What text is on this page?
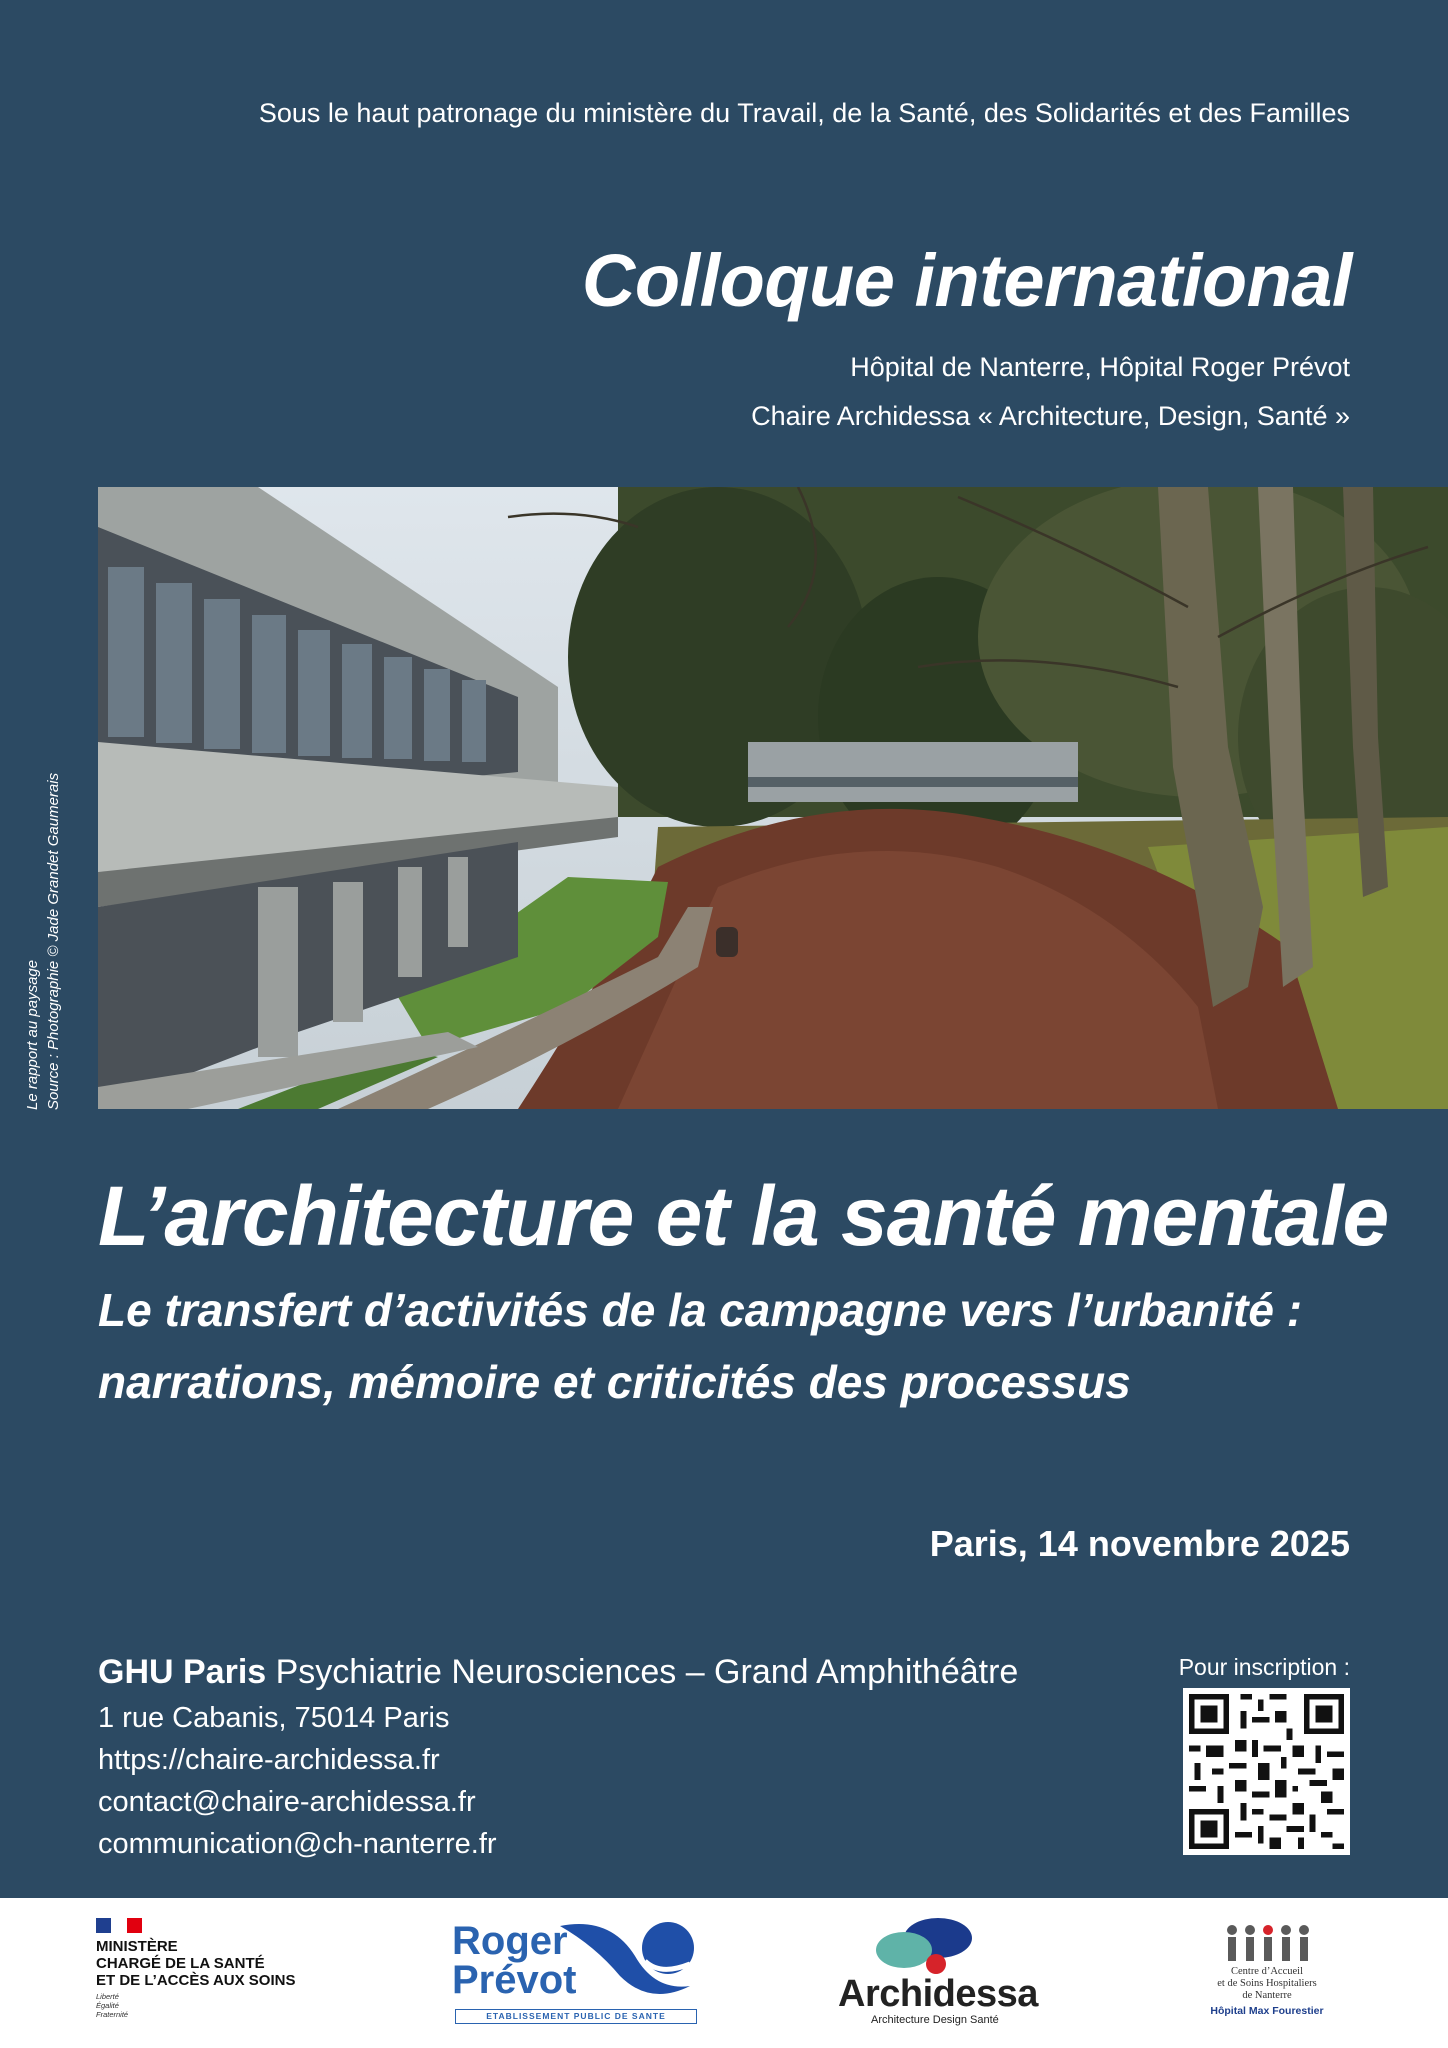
Sous le haut patronage du ministère du Travail, de la Santé, des Solidarités et des Familles
Colloque international
Hôpital de Nanterre, Hôpital Roger Prévot
Chaire Archidessa « Architecture, Design, Santé »
Le rapport au paysage Source : Photographie © Jade Grandet Gaumerais
L’architecture et la santé mentale
Le transfert d’activités de la campagne vers l’urbanité :
narrations, mémoire et criticités des processus
Paris, 14 novembre 2025
GHU Paris Psychiatrie Neurosciences – Grand Amphithéâtre
1 rue Cabanis, 75014 Paris
https://chaire-archidessa.fr
contact@chaire-archidessa.fr
communication@ch-nanterre.fr
Pour inscription :
MINISTÈRE
CHARGÉ DE LA SANTÉ
ET DE L’ACCÈS AUX SOINS
Liberté
Égalité
Fraternité
Roger
Prévot
ETABLISSEMENT PUBLIC DE SANTE
Archidessa
Architecture Design Santé
Centre d’Accueil
et de Soins Hospitaliers
de Nanterre
Hôpital Max Fourestier
